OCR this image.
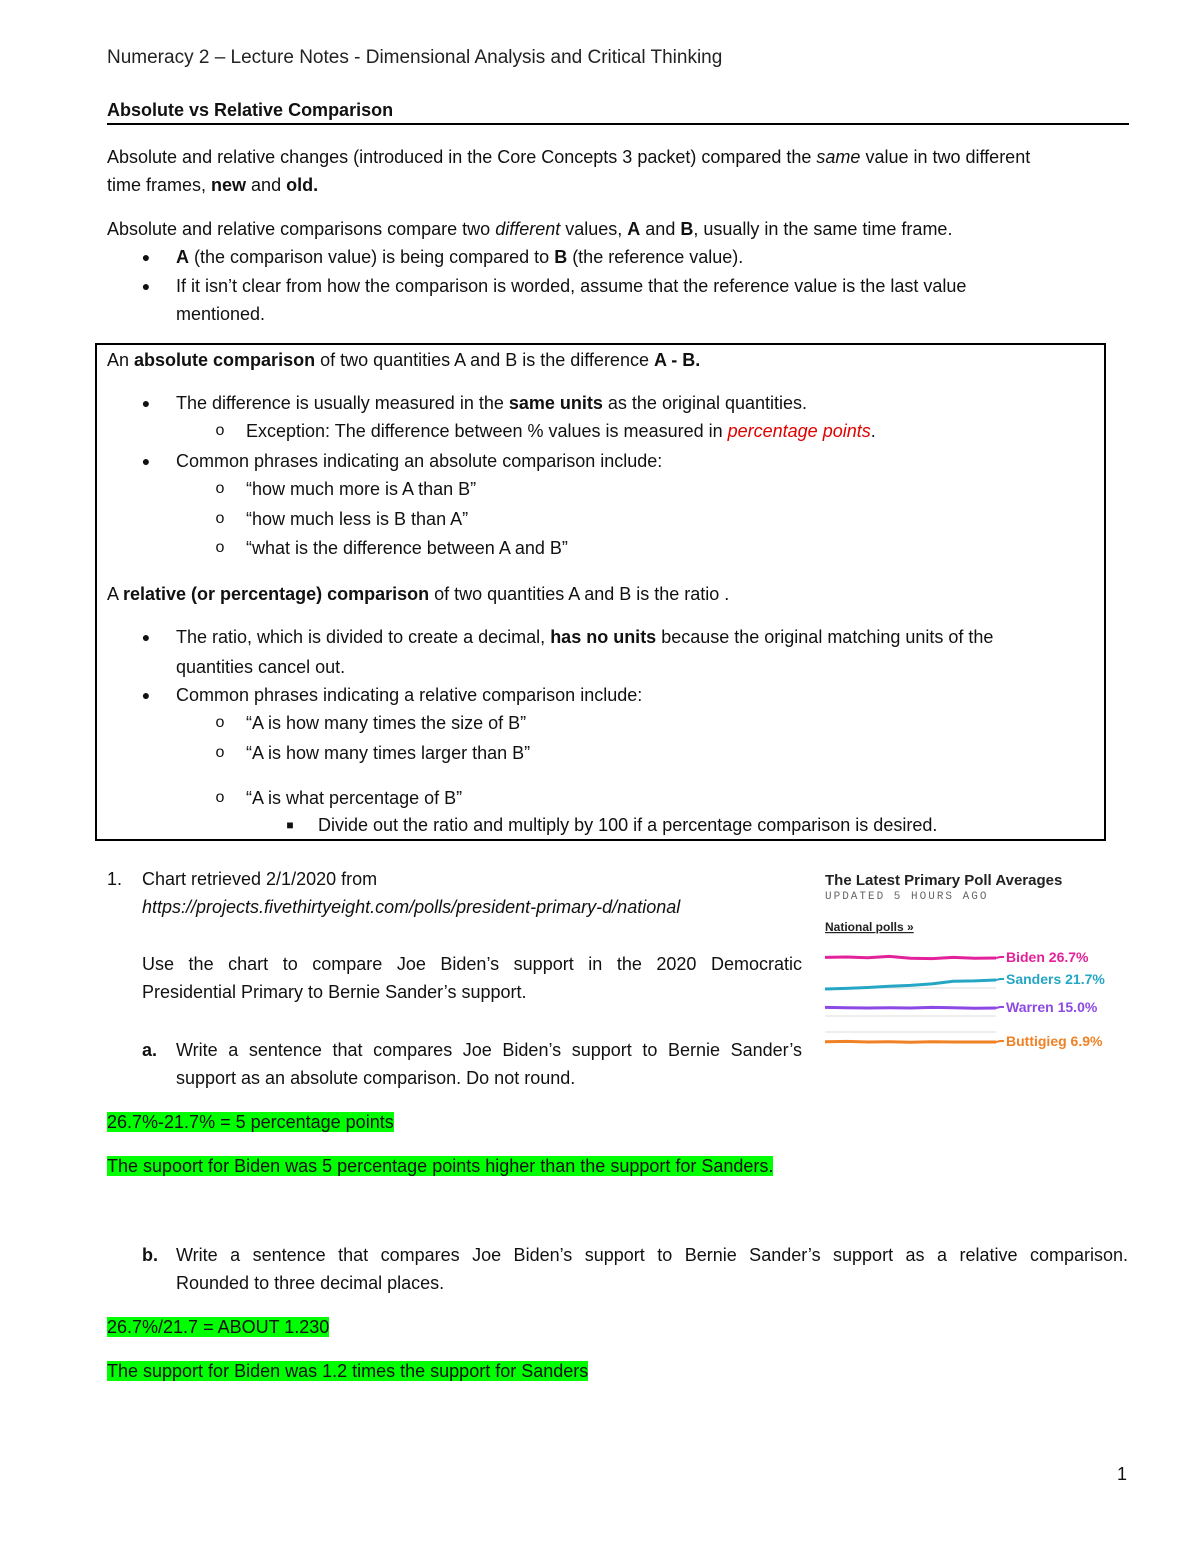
Numeracy 2 – Lecture Notes - Dimensional Analysis and Critical Thinking
Absolute vs Relative Comparison
Absolute and relative changes (introduced in the Core Concepts 3 packet) compared the same value in two different
time frames, new and old.
Absolute and relative comparisons compare two different values, A and B, usually in the same time frame.
● A (the comparison value) is being compared to B (the reference value).
● If it isn’t clear from how the comparison is worded, assume that the reference value is the last value
mentioned.
An absolute comparison of two quantities A and B is the difference A - B.
● The difference is usually measured in the same units as the original quantities.
o Exception: The difference between % values is measured in percentage points.
● Common phrases indicating an absolute comparison include:
o “how much more is A than B”
o “how much less is B than A”
o “what is the difference between A and B”
A relative (or percentage) comparison of two quantities A and B is the ratio .
● The ratio, which is divided to create a decimal, has no units because the original matching units of the
quantities cancel out.
● Common phrases indicating a relative comparison include:
o “A is how many times the size of B”
o “A is how many times larger than B”
o “A is what percentage of B”
■ Divide out the ratio and multiply by 100 if a percentage comparison is desired.
1. Chart retrieved 2/1/2020 from
https://projects.fivethirtyeight.com/polls/president-primary-d/national
Use the chart to compare Joe Biden’s support in the 2020 Democratic
Presidential Primary to Bernie Sander’s support.
a. Write a sentence that compares Joe Biden’s support to Bernie Sander’s
support as an absolute comparison. Do not round.
26.7%-21.7% = 5 percentage points
The supoort for Biden was 5 percentage points higher than the support for Sanders.
b. Write a sentence that compares Joe Biden’s support to Bernie Sander’s support as a relative comparison.
Rounded to three decimal places.
26.7%/21.7 = ABOUT 1.230
The support for Biden was 1.2 times the support for Sanders
The Latest Primary Poll Averages
UPDATED 5 HOURS AGO
National polls »
Biden 26.7%
Sanders 21.7%
Warren 15.0%
Buttigieg 6.9%
1
